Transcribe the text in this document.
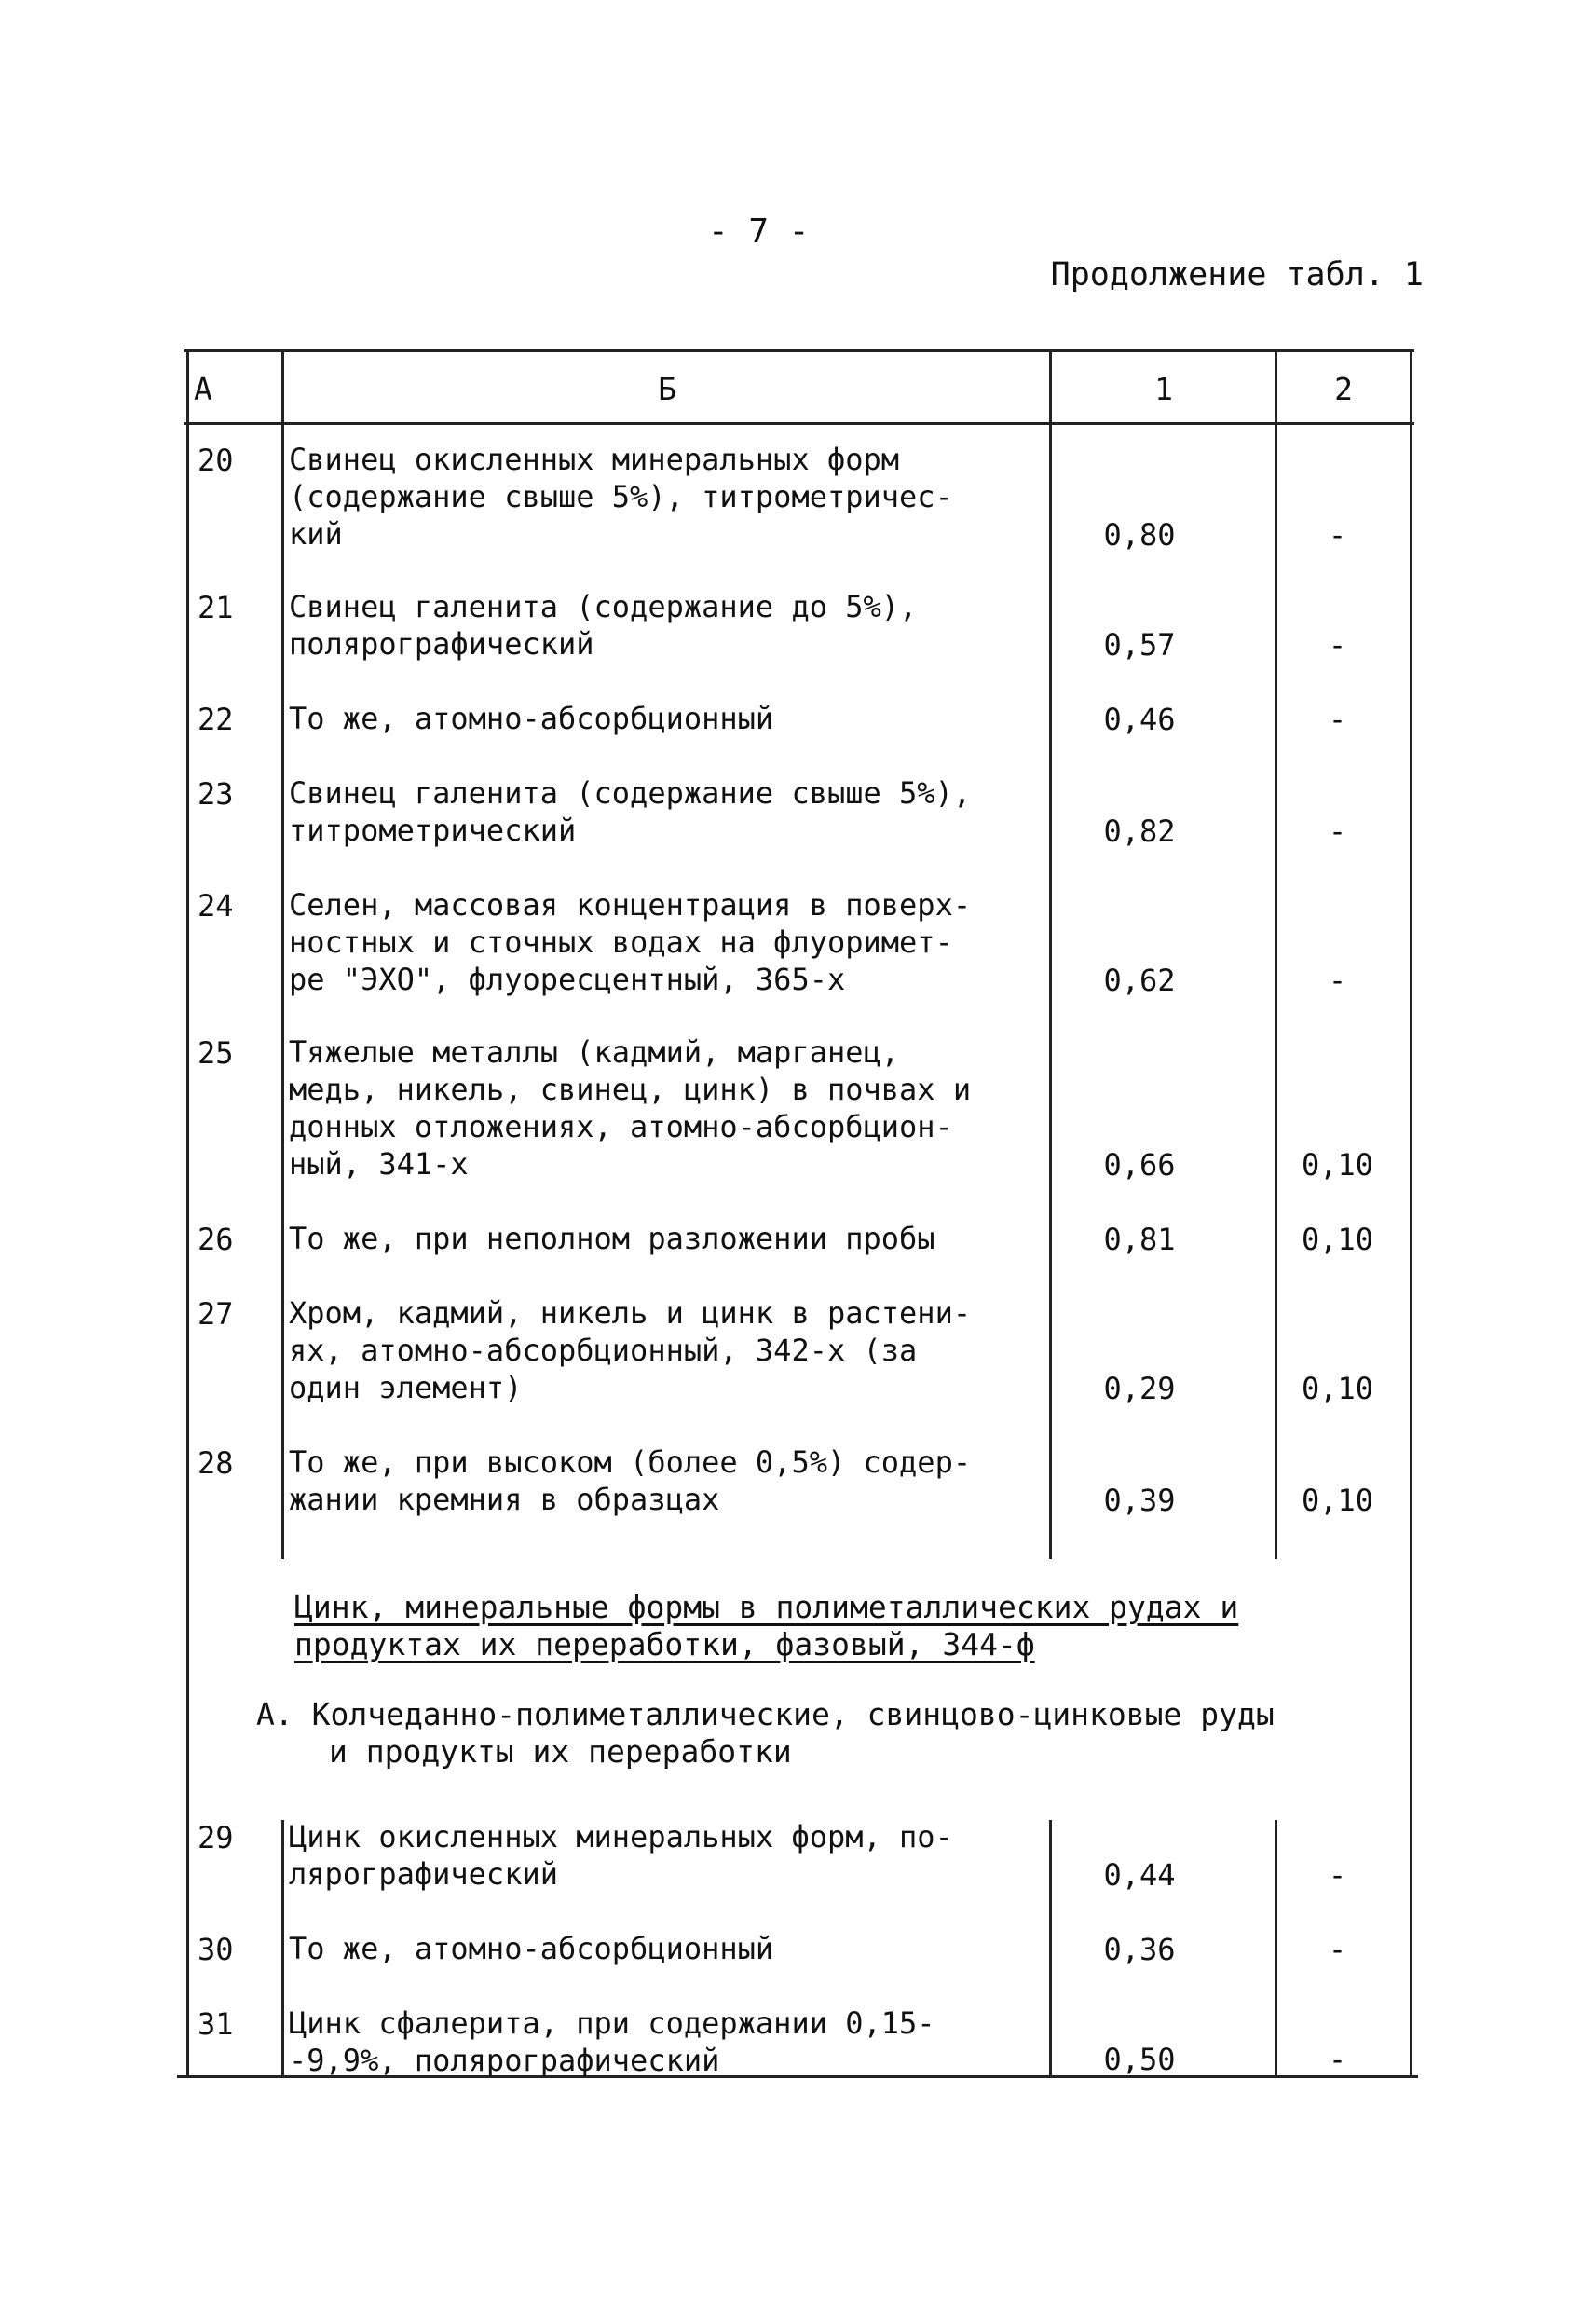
- 7 -
Продолжение табл. 1
А	Б	1	2
20 Свинец окисленных минеральных форм
(содержание свыше 5%), титрометричес-
кий	0,80	-
21 Свинец галенита (содержание до 5%),
полярографический	0,57	-
22 То же, атомно-абсорбционный	0,46	-
23 Свинец галенита (содержание свыше 5%),
титрометрический	0,82	-
24 Селен, массовая концентрация в поверх-
ностных и сточных водах на флуоримет-
ре "ЭХО", флуоресцентный, 365-х	0,62	-
25 Тяжелые металлы (кадмий, марганец,
медь, никель, свинец, цинк) в почвах и
донных отложениях, атомно-абсорбцион-
ный, 341-х	0,66	0,10
26 То же, при неполном разложении пробы	0,81	0,10
27 Хром, кадмий, никель и цинк в растени-
ях, атомно-абсорбционный, 342-х (за
один элемент)	0,29	0,10
28 То же, при высоком (более 0,5%) содер-
жании кремния в образцах	0,39	0,10
29 Цинк окисленных минеральных форм, по-
лярографический	0,44	-
30 То же, атомно-абсорбционный	0,36	-
31 Цинк сфалерита, при содержании 0,15-
-9,9%, полярографический	0,50	-
Цинк, минеральные формы в полиметаллических рудах и
продуктах их переработки, фазовый, 344-ф
А. Колчеданно-полиметаллические, свинцово-цинковые руды
и продукты их переработки
